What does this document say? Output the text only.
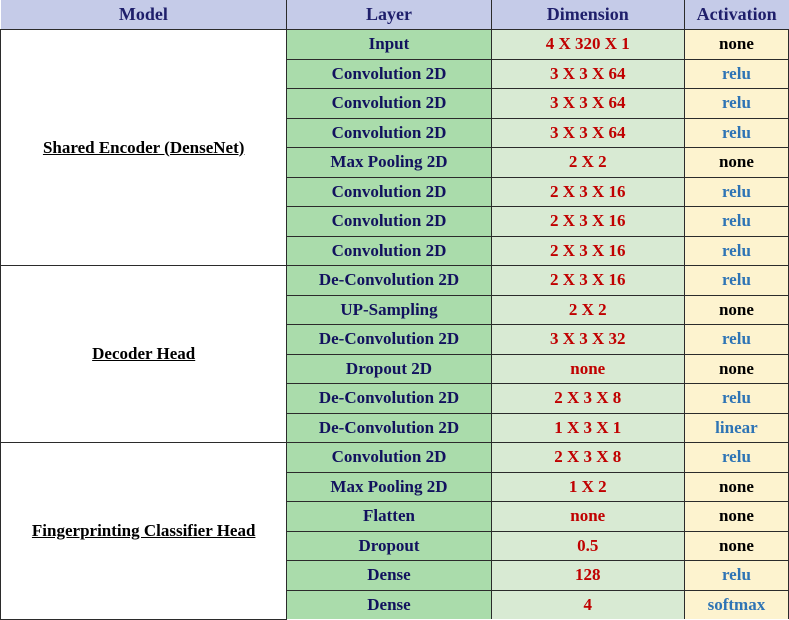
Model	Layer	Dimension	Activation
Shared Encoder (DenseNet)	Input	4 X 320 X 1	none
	Convolution 2D	3 X 3 X 64	relu
	Convolution 2D	3 X 3 X 64	relu
	Convolution 2D	3 X 3 X 64	relu
	Max Pooling 2D	2 X 2	none
	Convolution 2D	2 X 3 X 16	relu
	Convolution 2D	2 X 3 X 16	relu
	Convolution 2D	2 X 3 X 16	relu
Decoder Head	De-Convolution 2D	2 X 3 X 16	relu
	UP-Sampling	2 X 2	none
	De-Convolution 2D	3 X 3 X 32	relu
	Dropout 2D	none	none
	De-Convolution 2D	2 X 3 X 8	relu
	De-Convolution 2D	1 X 3 X 1	linear
Fingerprinting Classifier Head	Convolution 2D	2 X 3 X 8	relu
	Max Pooling 2D	1 X 2	none
	Flatten	none	none
	Dropout	0.5	none
	Dense	128	relu
	Dense	4	softmax
